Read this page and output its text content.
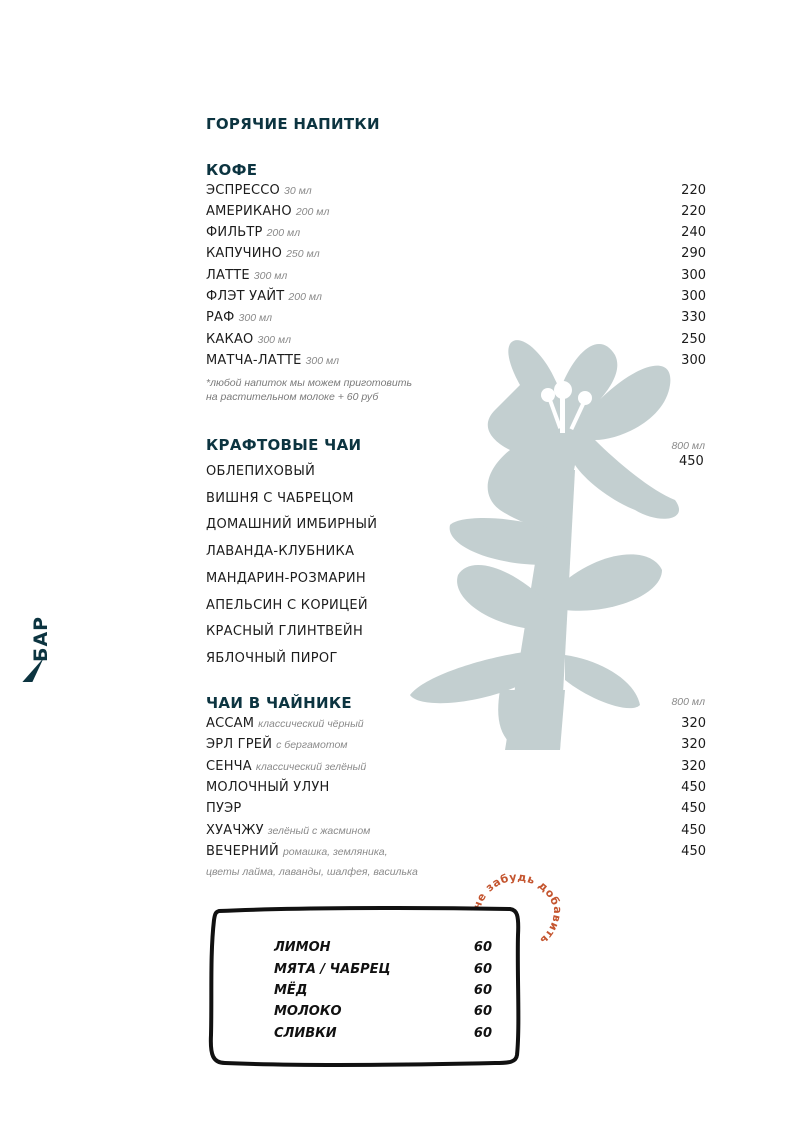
БАР
ГОРЯЧИЕ НАПИТКИ
КОФЕ
ЭСПРЕССО 30 мл	220
АМЕРИКАНО 200 мл	220
ФИЛЬТР 200 мл	240
КАПУЧИНО 250 мл	290
ЛАТТЕ 300 мл	300
ФЛЭТ УАЙТ 200 мл	300
РАФ 300 мл	330
КАКАО 300 мл	250
МАТЧА-ЛАТТЕ 300 мл	300
*любой напиток мы можем приготовить
на растительном молоке + 60 руб
КРАФТОВЫЕ ЧАИ	800 мл
450
ОБЛЕПИХОВЫЙ
ВИШНЯ С ЧАБРЕЦОМ
ДОМАШНИЙ ИМБИРНЫЙ
ЛАВАНДА-КЛУБНИКА
МАНДАРИН-РОЗМАРИН
АПЕЛЬСИН С КОРИЦЕЙ
КРАСНЫЙ ГЛИНТВЕЙН
ЯБЛОЧНЫЙ ПИРОГ
ЧАИ В ЧАЙНИКЕ	800 мл
АССАМ классический чёрный	320
ЭРЛ ГРЕЙ с бергамотом	320
СЕНЧА классический зелёный	320
МОЛОЧНЫЙ УЛУН	450
ПУЭР	450
ХУАЧЖУ зелёный с жасмином	450
ВЕЧЕРНИЙ ромашка, земляника,	450
цветы лайма, лаванды, шалфея, василька
не забудь добавить
ЛИМОН	60
МЯТА / ЧАБРЕЦ	60
МЁД	60
МОЛОКО	60
СЛИВКИ	60
